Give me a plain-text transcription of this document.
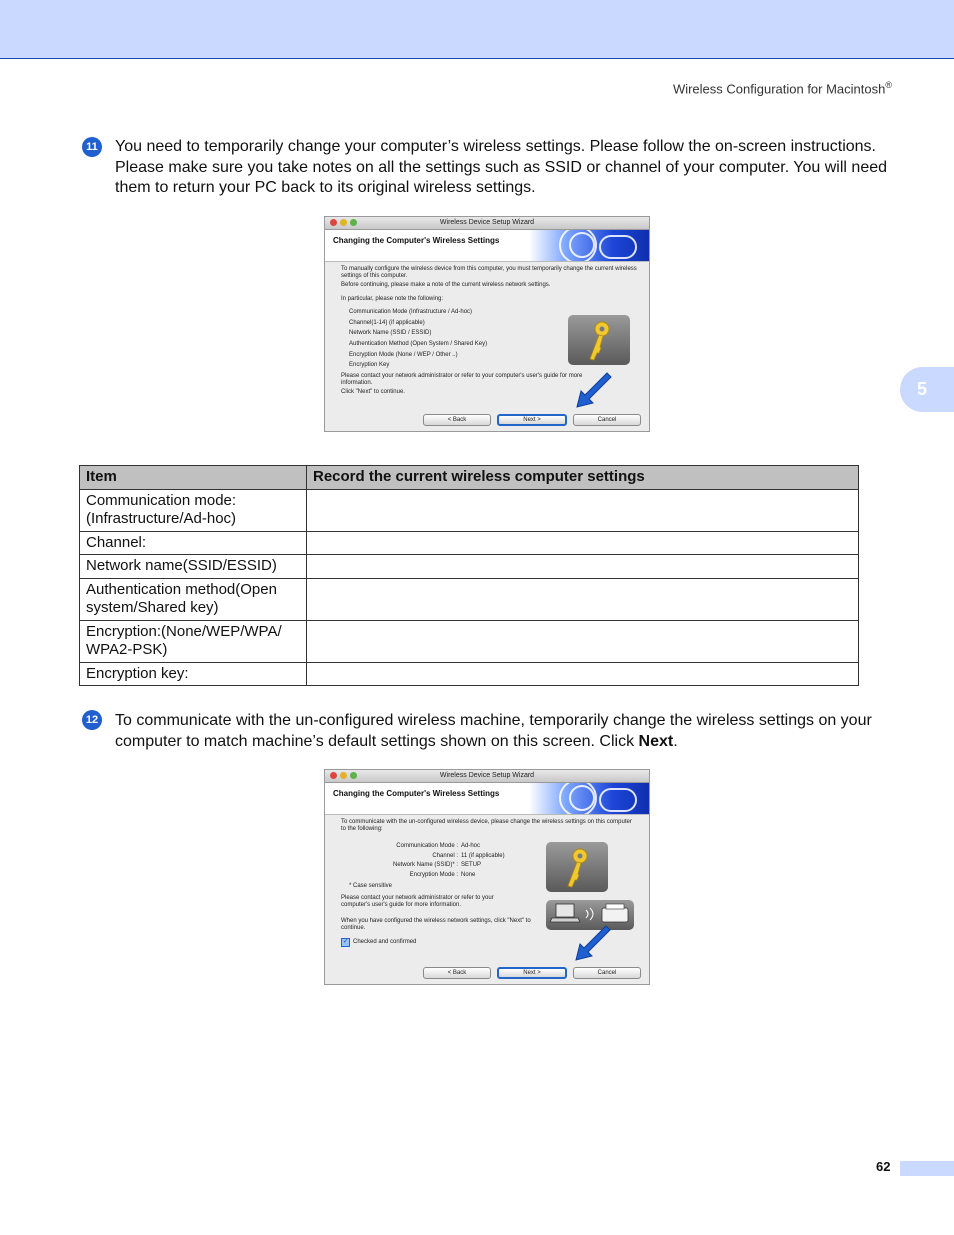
Wireless Configuration for Macintosh®
5
11 You need to temporarily change your computer’s wireless settings. Please follow the on-screen instructions. Please make sure you take notes on all the settings such as SSID or channel of your computer. You will need them to return your PC back to its original wireless settings.
Wireless Device Setup Wizard
Changing the Computer's Wireless Settings

To manually configure the wireless device from this computer, you must temporarily change the current wireless settings of this computer.

Before continuing, please make a note of the current wireless network settings.

In particular, please note the following:

Communication Mode (Infrastructure / Ad-hoc)

Channel(1-14) (if applicable)

Network Name (SSID / ESSID)

Authentication Method (Open System / Shared Key)

Encryption Mode (None / WEP / Other ..)

Encryption Key

Please contact your network administrator or refer to your computer's user's guide for more information.

Click "Next" to continue.

< Back	Next >	Cancel
Item	Record the current wireless computer settings
Communication mode:(Infrastructure/Ad-hoc)	
Channel:	
Network name(SSID/ESSID)	
Authentication method(Open system/Shared key)	
Encryption:(None/WEP/WPA/ WPA2-PSK)	
Encryption key:	
12 To communicate with the un-configured wireless machine, temporarily change the wireless settings on your computer to match machine’s default settings shown on this screen. Click Next.
Wireless Device Setup Wizard
Changing the Computer's Wireless Settings

To communicate with the un-configured wireless device, please change the wireless settings on this computer to the following:

Communication Mode : Ad-hoc
Channel : 11 (if applicable)
Network Name (SSID)* : SETUP
Encryption Mode : None

* Case sensitive

Please contact your network administrator or refer to your computer's user's guide for more information.

When you have configured the wireless network settings, click "Next" to continue.

✓ Checked and confirmed
< Back	Next >	Cancel
62
